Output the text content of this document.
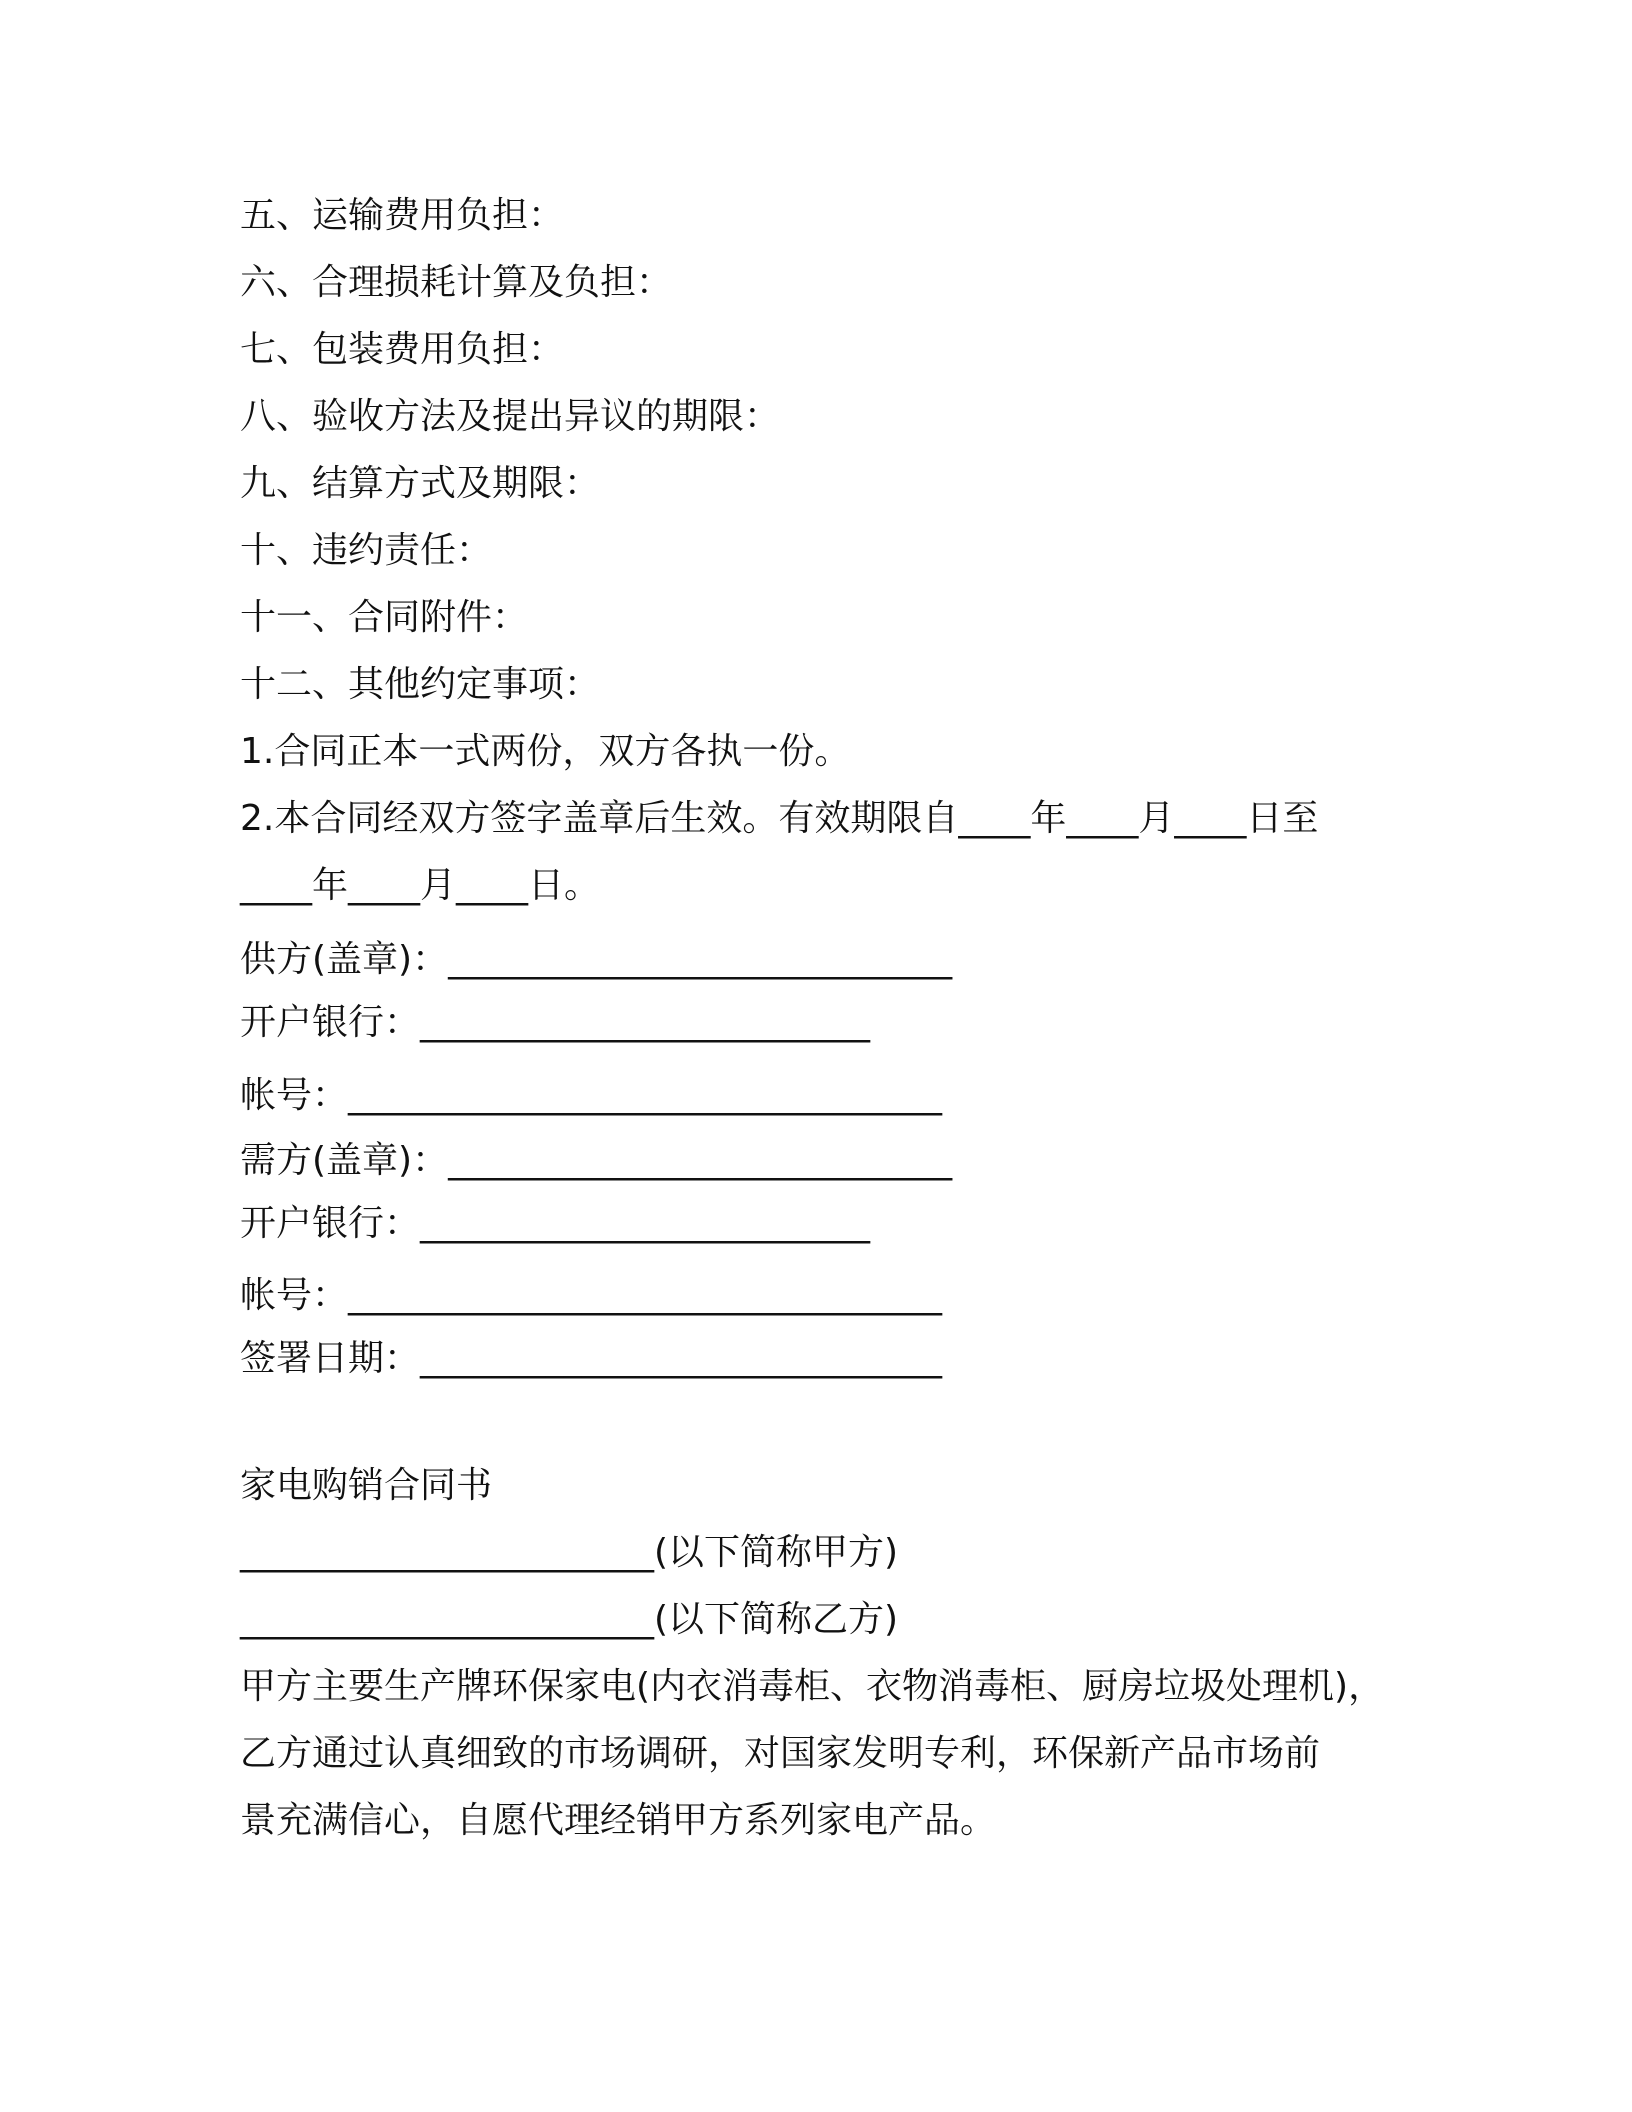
五、运输费用负担：
六、合理损耗计算及负担：
七、包装费用负担：
八、验收方法及提出异议的期限：
九、结算方式及期限：
十、违约责任：
十一、合同附件：
十二、其他约定事项：
1.合同正本一式两份，双方各执一份。
2.本合同经双方签字盖章后生效。有效期限自____年____月____日至
____年____月____日。
供方(盖章)：____________________________
开户银行：_________________________
帐号：_________________________________
需方(盖章)：____________________________
开户银行：_________________________
帐号：_________________________________
签署日期：_____________________________
家电购销合同书
_______________________(以下简称甲方)
_______________________(以下简称乙方)
甲方主要生产牌环保家电(内衣消毒柜、衣物消毒柜、厨房垃圾处理机)，
乙方通过认真细致的市场调研，对国家发明专利，环保新产品市场前
景充满信心，自愿代理经销甲方系列家电产品。
